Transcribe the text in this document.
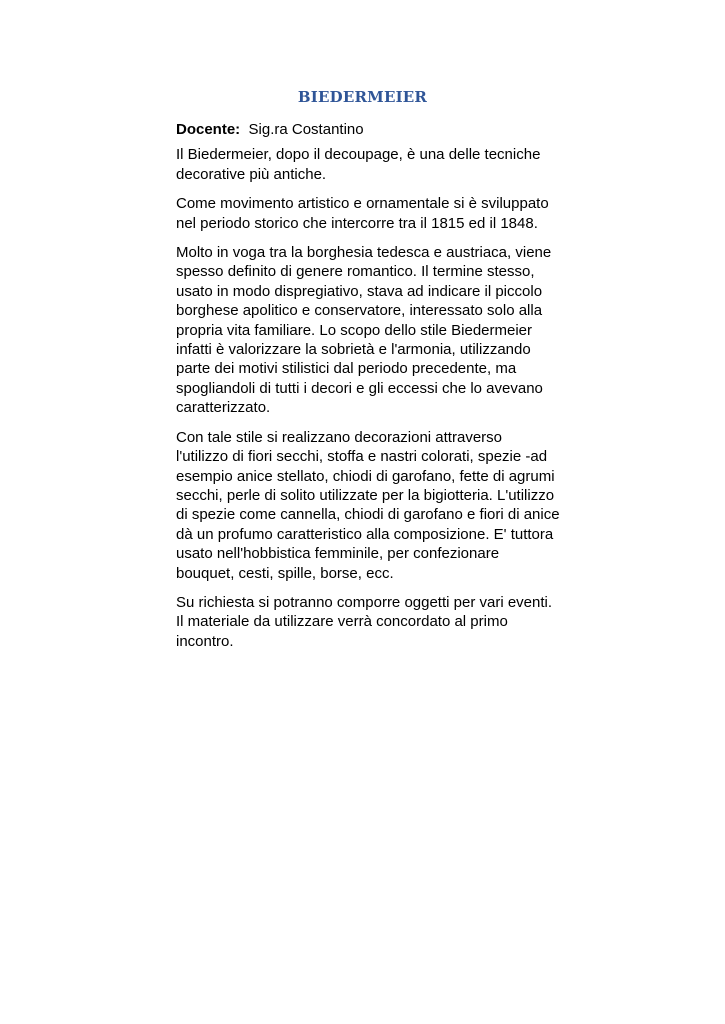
BIEDERMEIER

Docente: Sig.ra Costantino

Il Biedermeier, dopo il decoupage, è una delle tecniche
decorative più antiche.

Come movimento artistico e ornamentale si è sviluppato
nel periodo storico che intercorre tra il 1815 ed il 1848.

Molto in voga tra la borghesia tedesca e austriaca, viene
spesso definito di genere romantico. Il termine stesso,
usato in modo dispregiativo, stava ad indicare il piccolo
borghese apolitico e conservatore, interessato solo alla
propria vita familiare. Lo scopo dello stile Biedermeier
infatti è valorizzare la sobrietà e l'armonia, utilizzando
parte dei motivi stilistici dal periodo precedente, ma
spogliandoli di tutti i decori e gli eccessi che lo avevano
caratterizzato.

Con tale stile si realizzano decorazioni attraverso
l'utilizzo di fiori secchi, stoffa e nastri colorati, spezie -ad
esempio anice stellato, chiodi di garofano, fette di agrumi
secchi, perle di solito utilizzate per la bigiotteria. L'utilizzo
di spezie come cannella, chiodi di garofano e fiori di anice
dà un profumo caratteristico alla composizione. E' tuttora
usato nell'hobbistica femminile, per confezionare
bouquet, cesti, spille, borse, ecc.

Su richiesta si potranno comporre oggetti per vari eventi.
Il materiale da utilizzare verrà concordato al primo
incontro.
